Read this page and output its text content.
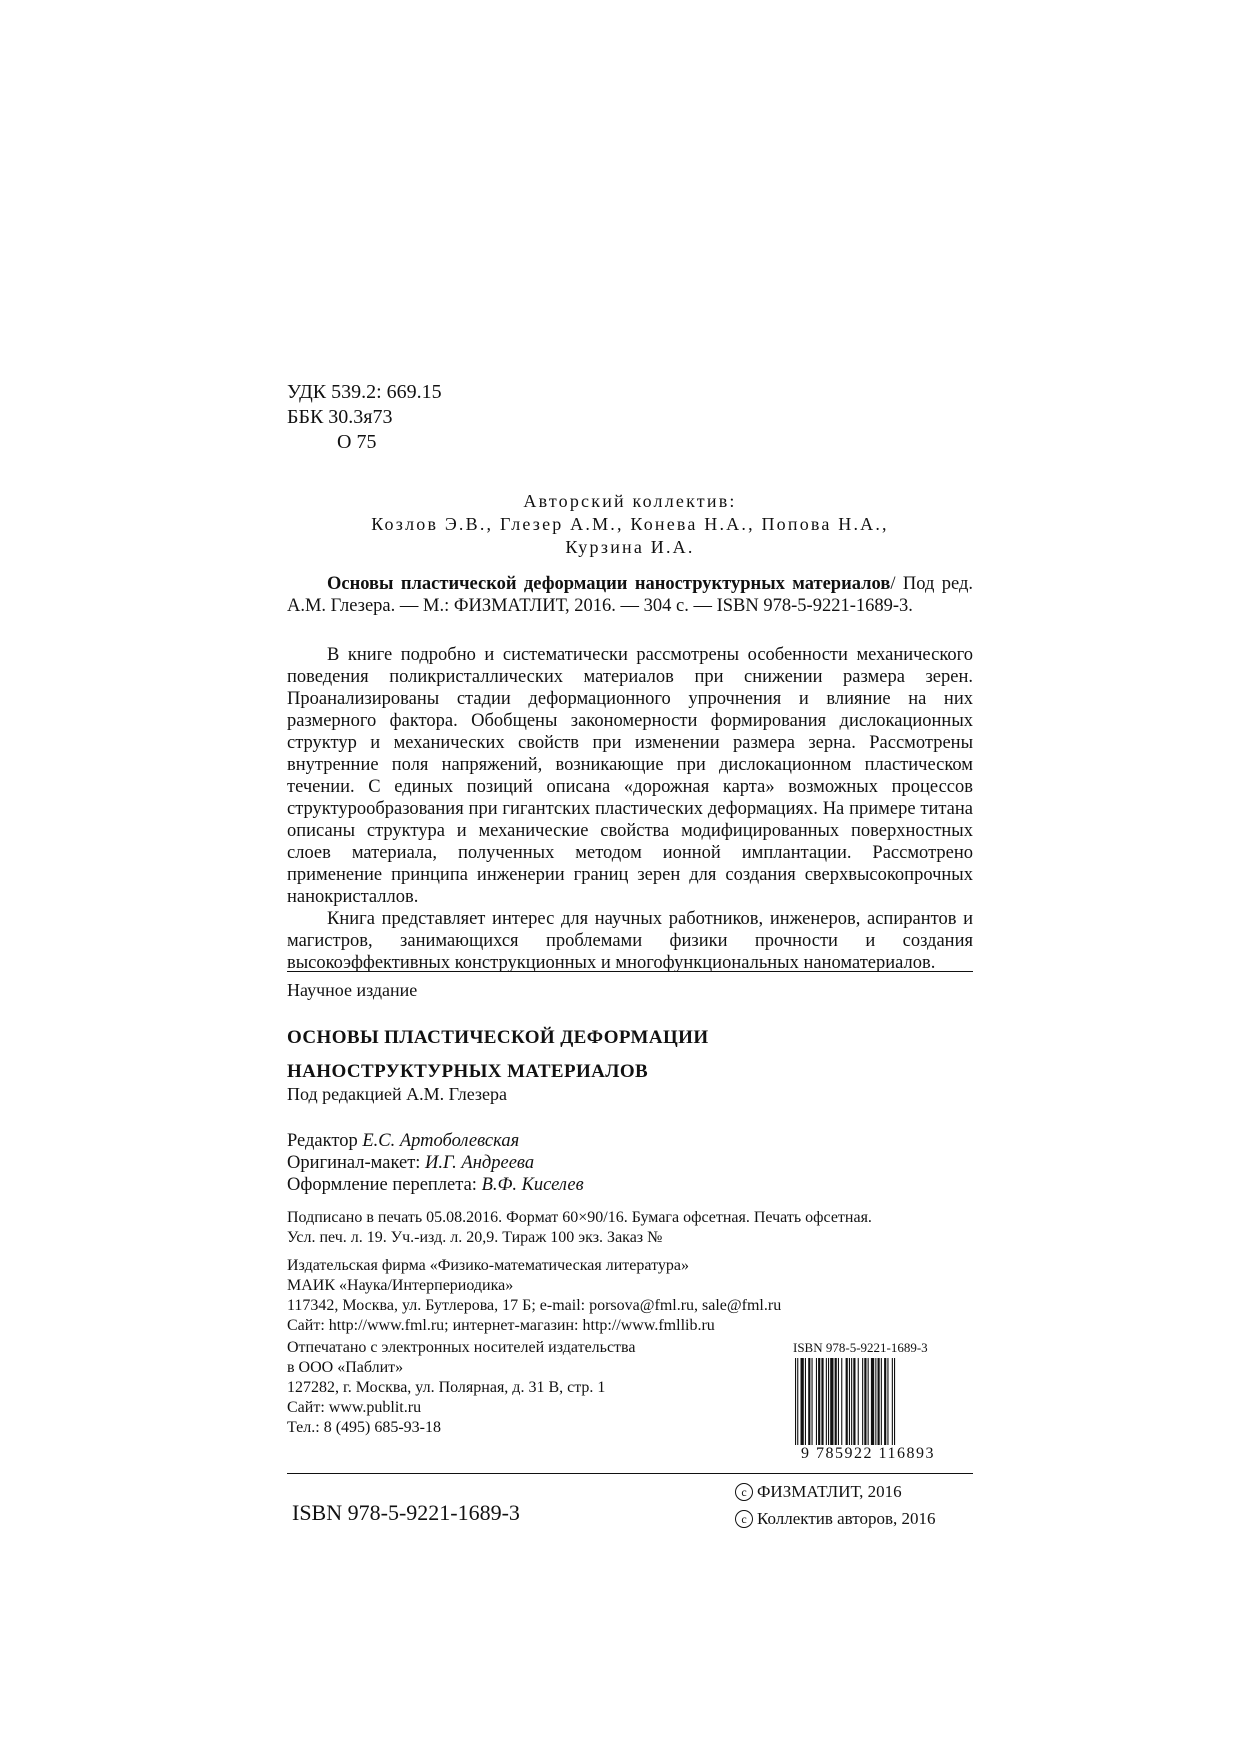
УДК 539.2: 669.15
ББК 30.3я73
О 75
Авторский коллектив:
Козлов Э.В., Глезер А.М., Конева Н.А., Попова Н.А.,
Курзина И.А.

Основы пластической деформации наноструктурных материалов/ Под ред. А.М. Глезера. — М.: ФИЗМАТЛИТ, 2016. — 304 с. — ISBN 978-5-9221-1689-3.

В книге подробно и систематически рассмотрены особенности механического поведения поликристаллических материалов при снижении размера зерен. Проанализированы стадии деформационного упрочнения и влияние на них размерного фактора. Обобщены закономерности формирования дислокационных структур и механических свойств при изменении размера зерна. Рассмотрены внутренние поля напряжений, возникающие при дислокационном пластическом течении. С единых позиций описана «дорожная карта» возможных процессов структурообразования при гигантских пластических деформациях. На примере титана описаны структура и механические свойства модифицированных поверхностных слоев материала, полученных методом ионной имплантации. Рассмотрено применение принципа инженерии границ зерен для создания сверхвысокопрочных нанокристаллов.

Книга представляет интерес для научных работников, инженеров, аспирантов и магистров, занимающихся проблемами физики прочности и создания высокоэффективных конструкционных и многофункциональных наноматериалов.

Научное издание
ОСНОВЫ ПЛАСТИЧЕСКОЙ ДЕФОРМАЦИИ
НАНОСТРУКТУРНЫХ МАТЕРИАЛОВ
Под редакцией А.М. Глезера
Редактор Е.С. Артоболевская
Оригинал-макет: И.Г. Андреева
Оформление переплета: В.Ф. Киселев
Подписано в печать 05.08.2016. Формат 60×90/16. Бумага офсетная. Печать офсетная.
Усл. печ. л. 19. Уч.-изд. л. 20,9. Тираж 100 экз. Заказ №
Издательская фирма «Физико-математическая литература»
МАИК «Наука/Интерпериодика»
117342, Москва, ул. Бутлерова, 17 Б; e-mail: porsova@fml.ru, sale@fml.ru
Сайт: http://www.fml.ru; интернет-магазин: http://www.fmllib.ru
Отпечатано с электронных носителей издательства
в ООО «Паблит»
127282, г. Москва, ул. Полярная, д. 31 В, стр. 1
Сайт: www.publit.ru
Тел.: 8 (495) 685-93-18
ISBN 978-5-9221-1689-3
9 785922 116893
ISBN 978-5-9221-1689-3
c ФИЗМАТЛИТ, 2016
c Коллектив авторов, 2016
